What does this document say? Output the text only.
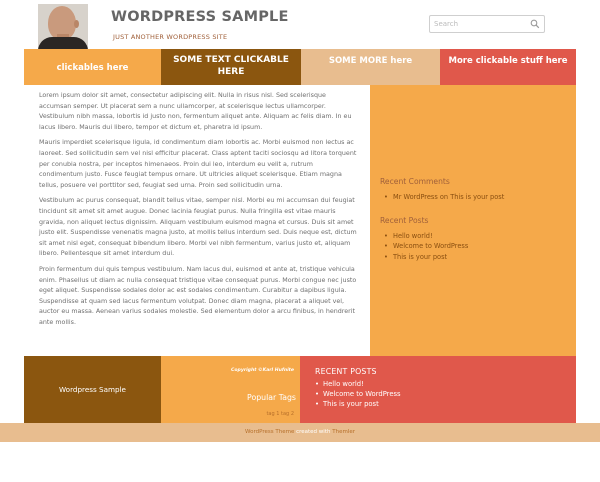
WORDPRESS SAMPLE
JUST ANOTHER WORDPRESS SITE
Search
clickables here
SOME TEXT CLICKABLE HERE
SOME MORE here	More clickable stuff here

Lorem ipsum dolor sit amet, consectetur adipiscing elit. Nulla in risus nisl. Sed scelerisque accumsan semper. Ut placerat sem a nunc ullamcorper, at scelerisque lectus ullamcorper. Vestibulum nibh massa, lobortis id justo non, fermentum aliquet ante. Aliquam ac felis diam. In eu lacus libero. Mauris dui libero, tempor et dictum et, pharetra id ipsum.

Mauris imperdiet scelerisque ligula, id condimentum diam lobortis ac. Morbi euismod non lectus ac laoreet. Sed sollicitudin sem vel nisl efficitur placerat. Class aptent taciti sociosqu ad litora torquent per conubia nostra, per inceptos himenaeos. Proin dui leo, interdum eu velit a, rutrum condimentum justo. Fusce feugiat tempus ornare. Ut ultricies aliquet scelerisque. Etiam magna tellus, posuere vel porttitor sed, feugiat sed urna. Proin sed sollicitudin urna.

Vestibulum ac purus consequat, blandit tellus vitae, semper nisl. Morbi eu mi accumsan dui feugiat tincidunt sit amet sit amet augue. Donec lacinia feugiat purus. Nulla fringilla est vitae mauris gravida, non aliquet lectus dignissim. Aliquam vestibulum euismod magna et cursus. Duis sit amet justo elit. Suspendisse venenatis magna justo, at mollis tellus interdum sed. Duis neque est, dictum sit amet nisl eget, consequat bibendum libero. Morbi vel nibh fermentum, varius justo et, aliquam libero. Pellentesque sit amet interdum dui.

Proin fermentum dui quis tempus vestibulum. Nam lacus dui, euismod et ante at, tristique vehicula enim. Phasellus ut diam ac nulla consequat tristique vitae consequat purus. Morbi congue nec justo eget aliquet. Suspendisse sodales dolor ac est sodales condimentum. Curabitur a dapibus ligula. Suspendisse at quam sed lacus fermentum volutpat. Donec diam magna, placerat a aliquet vel, auctor eu massa. Aenean varius sodales molestie. Sed elementum dolor a arcu finibus, in hendrerit ante mollis.

Recent Comments
• Mr WordPress on This is your post
Recent Posts
• Hello world!
• Welcome to WordPress
• This is your post
Wordpress Sample
Copyright ©Karl Hufnite
Popular Tags
tag 1 tag 2
RECENT POSTS
• Hello world!
• Welcome to WordPress
• This is your post
WordPress Theme created with Themler
